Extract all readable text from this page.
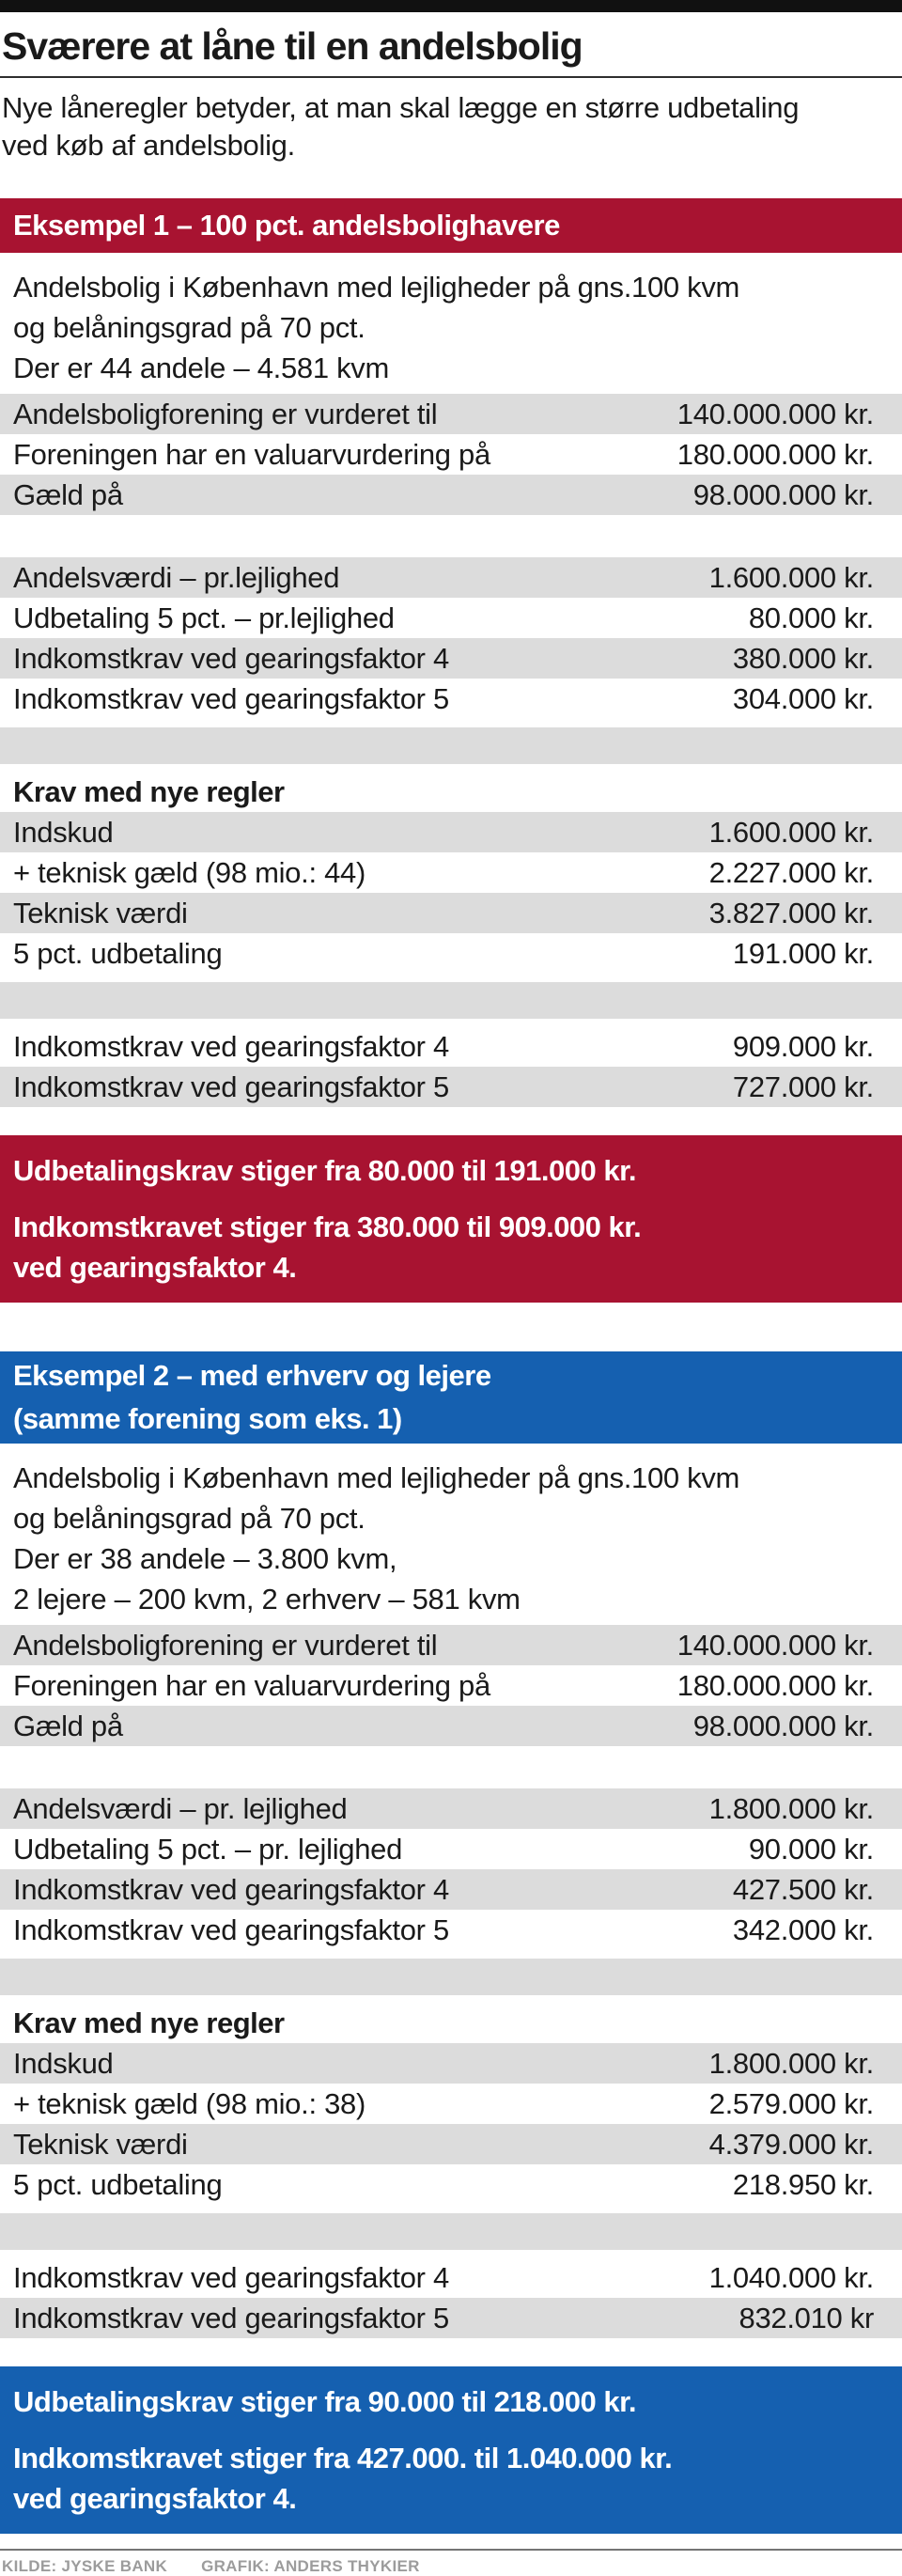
Sværere at låne til en andelsbolig

Nye låneregler betyder, at man skal lægge en større udbetaling ved køb af andelsbolig.

Eksempel 1 – 100 pct. andelsbolighavere
Andelsbolig i København med lejligheder på gns.100 kvm
og belåningsgrad på 70 pct.
Der er 44 andele – 4.581 kvm
Andelsboligforening er vurderet til	140.000.000 kr.
Foreningen har en valuarvurdering på	180.000.000 kr.
Gæld på	98.000.000 kr.
Andelsværdi – pr.lejlighed	1.600.000 kr.
Udbetaling 5 pct. – pr.lejlighed	80.000 kr.
Indkomstkrav ved gearingsfaktor 4	380.000 kr.
Indkomstkrav ved gearingsfaktor 5	304.000 kr.
Krav med nye regler
Indskud	1.600.000 kr.
+ teknisk gæld (98 mio.: 44)	2.227.000 kr.
Teknisk værdi	3.827.000 kr.
5 pct. udbetaling	191.000 kr.
Indkomstkrav ved gearingsfaktor 4	909.000 kr.
Indkomstkrav ved gearingsfaktor 5	727.000 kr.

Udbetalingskrav stiger fra 80.000 til 191.000 kr.

Indkomstkravet stiger fra 380.000 til 909.000 kr.
ved gearingsfaktor 4.

Eksempel 2 – med erhverv og lejere
(samme forening som eks. 1)
Andelsbolig i København med lejligheder på gns.100 kvm
og belåningsgrad på 70 pct.
Der er 38 andele – 3.800 kvm,
2 lejere – 200 kvm, 2 erhverv – 581 kvm
Andelsboligforening er vurderet til	140.000.000 kr.
Foreningen har en valuarvurdering på	180.000.000 kr.
Gæld på	98.000.000 kr.
Andelsværdi – pr. lejlighed	1.800.000 kr.
Udbetaling 5 pct. – pr. lejlighed	90.000 kr.
Indkomstkrav ved gearingsfaktor 4	427.500 kr.
Indkomstkrav ved gearingsfaktor 5	342.000 kr.
Krav med nye regler
Indskud	1.800.000 kr.
+ teknisk gæld (98 mio.: 38)	2.579.000 kr.
Teknisk værdi	4.379.000 kr.
5 pct. udbetaling	218.950 kr.
Indkomstkrav ved gearingsfaktor 4	1.040.000 kr.
Indkomstkrav ved gearingsfaktor 5	832.010 kr

Udbetalingskrav stiger fra 90.000 til 218.000 kr.

Indkomstkravet stiger fra 427.000. til 1.040.000 kr.
ved gearingsfaktor 4.

KILDE: JYSKE BANK GRAFIK: ANDERS THYKIER
